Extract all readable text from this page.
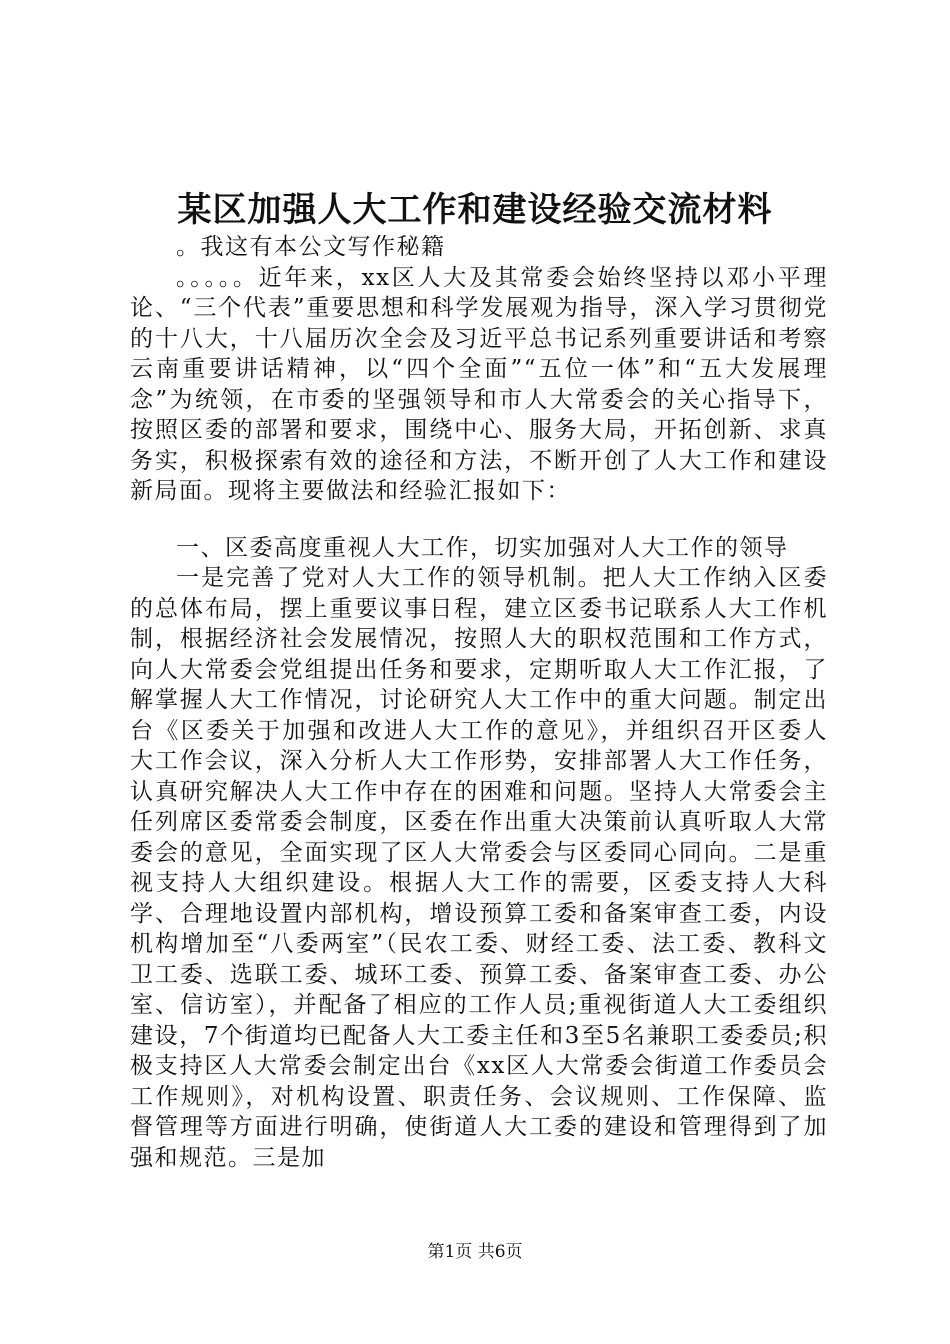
某区加强人大工作和建设经验交流材料

。我这有本公文写作秘籍

。。。。。近年来，xx区人大及其常委会始终坚持以邓小平理论、“三个代表”重要思想和科学发展观为指导，深入学习贯彻党的十八大，十八届历次全会及习近平总书记系列重要讲话和考察云南重要讲话精神，以“四个全面”“五位一体”和“五大发展理念”为统领，在市委的坚强领导和市人大常委会的关心指导下，按照区委的部署和要求，围绕中心、服务大局，开拓创新、求真务实，积极探索有效的途径和方法，不断开创了人大工作和建设新局面。现将主要做法和经验汇报如下：

一、区委高度重视人大工作，切实加强对人大工作的领导

一是完善了党对人大工作的领导机制。把人大工作纳入区委的总体布局，摆上重要议事日程，建立区委书记联系人大工作机制，根据经济社会发展情况，按照人大的职权范围和工作方式，向人大常委会党组提出任务和要求，定期听取人大工作汇报，了解掌握人大工作情况，讨论研究人大工作中的重大问题。制定出台《区委关于加强和改进人大工作的意见》，并组织召开区委人大工作会议，深入分析人大工作形势，安排部署人大工作任务，认真研究解决人大工作中存在的困难和问题。坚持人大常委会主任列席区委常委会制度，区委在作出重大决策前认真听取人大常委会的意见，全面实现了区人大常委会与区委同心同向。二是重视支持人大组织建设。根据人大工作的需要，区委支持人大科学、合理地设置内部机构，增设预算工委和备案审查工委，内设机构增加至“八委两室”（民农工委、财经工委、法工委、教科文卫工委、选联工委、城环工委、预算工委、备案审查工委、办公室、信访室），并配备了相应的工作人员;重视街道人大工委组织建设，7个街道均已配备人大工委主任和3至5名兼职工委委员;积极支持区人大常委会制定出台《xx区人大常委会街道工作委员会工作规则》，对机构设置、职责任务、会议规则、工作保障、监督管理等方面进行明确，使街道人大工委的建设和管理得到了加强和规范。三是加

第1页 共6页
